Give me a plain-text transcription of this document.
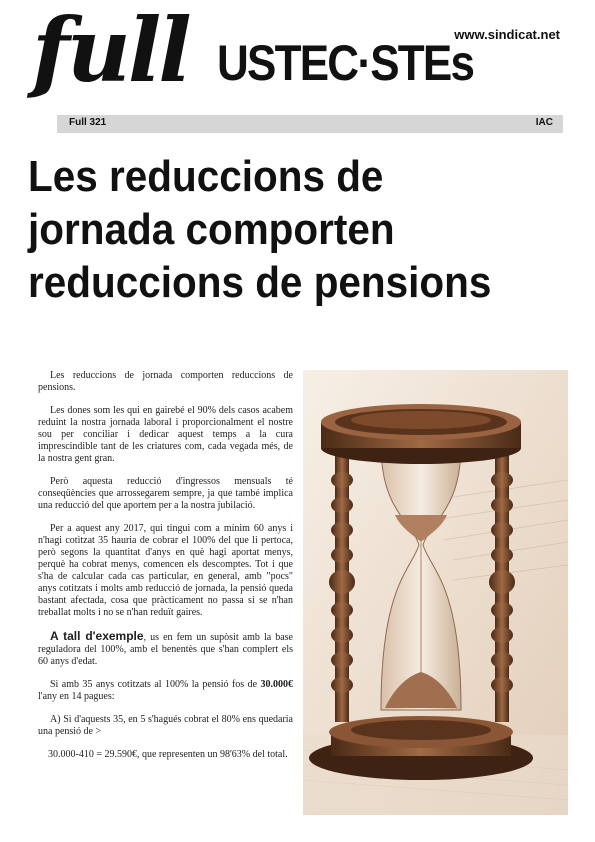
full USTEC·STEs
www.sindicat.net
Full 321	IAC
Les reduccions de jornada comporten reduccions de pensions

Les reduccions de jornada comporten reduccions de pensions.

Les dones som les qui en gairebé el 90% dels casos acabem reduint la nostra jornada laboral i proporcionalment el nostre sou per conciliar i dedicar aquest temps a la cura imprescindible tant de les criatures com, cada vegada més, de la nostra gent gran.

Però aquesta reducció d'ingressos mensuals té conseqüències que arrossegarem sempre, ja que també implica una reducció del que aportem per a la nostra jubilació.

Per a aquest any 2017, qui tingui com a mínim 60 anys i n'hagi cotitzat 35 hauria de cobrar el 100% del que li pertoca, però segons la quantitat d'anys en què hagi aportat menys, perquè ha cobrat menys, comencen els descomptes. Tot i que s'ha de calcular cada cas particular, en general, amb "pocs" anys cotitzats i molts amb reducció de jornada, la pensió queda bastant afectada, cosa que pràcticament no passa si se n'han treballat molts i no se n'han reduït gaires.

A tall d'exemple, us en fem un supòsit amb la base reguladora del 100%, amb el benentès que s'han complert els 60 anys d'edat.

Si amb 35 anys cotitzats al 100% la pensió fos de 30.000€ l'any en 14 pagues:

A) Si d'aquests 35, en 5 s'hagués cobrat el 80% ens quedaria una pensió de >

30.000-410 = 29.590€, que representen un 98'63% del total.
